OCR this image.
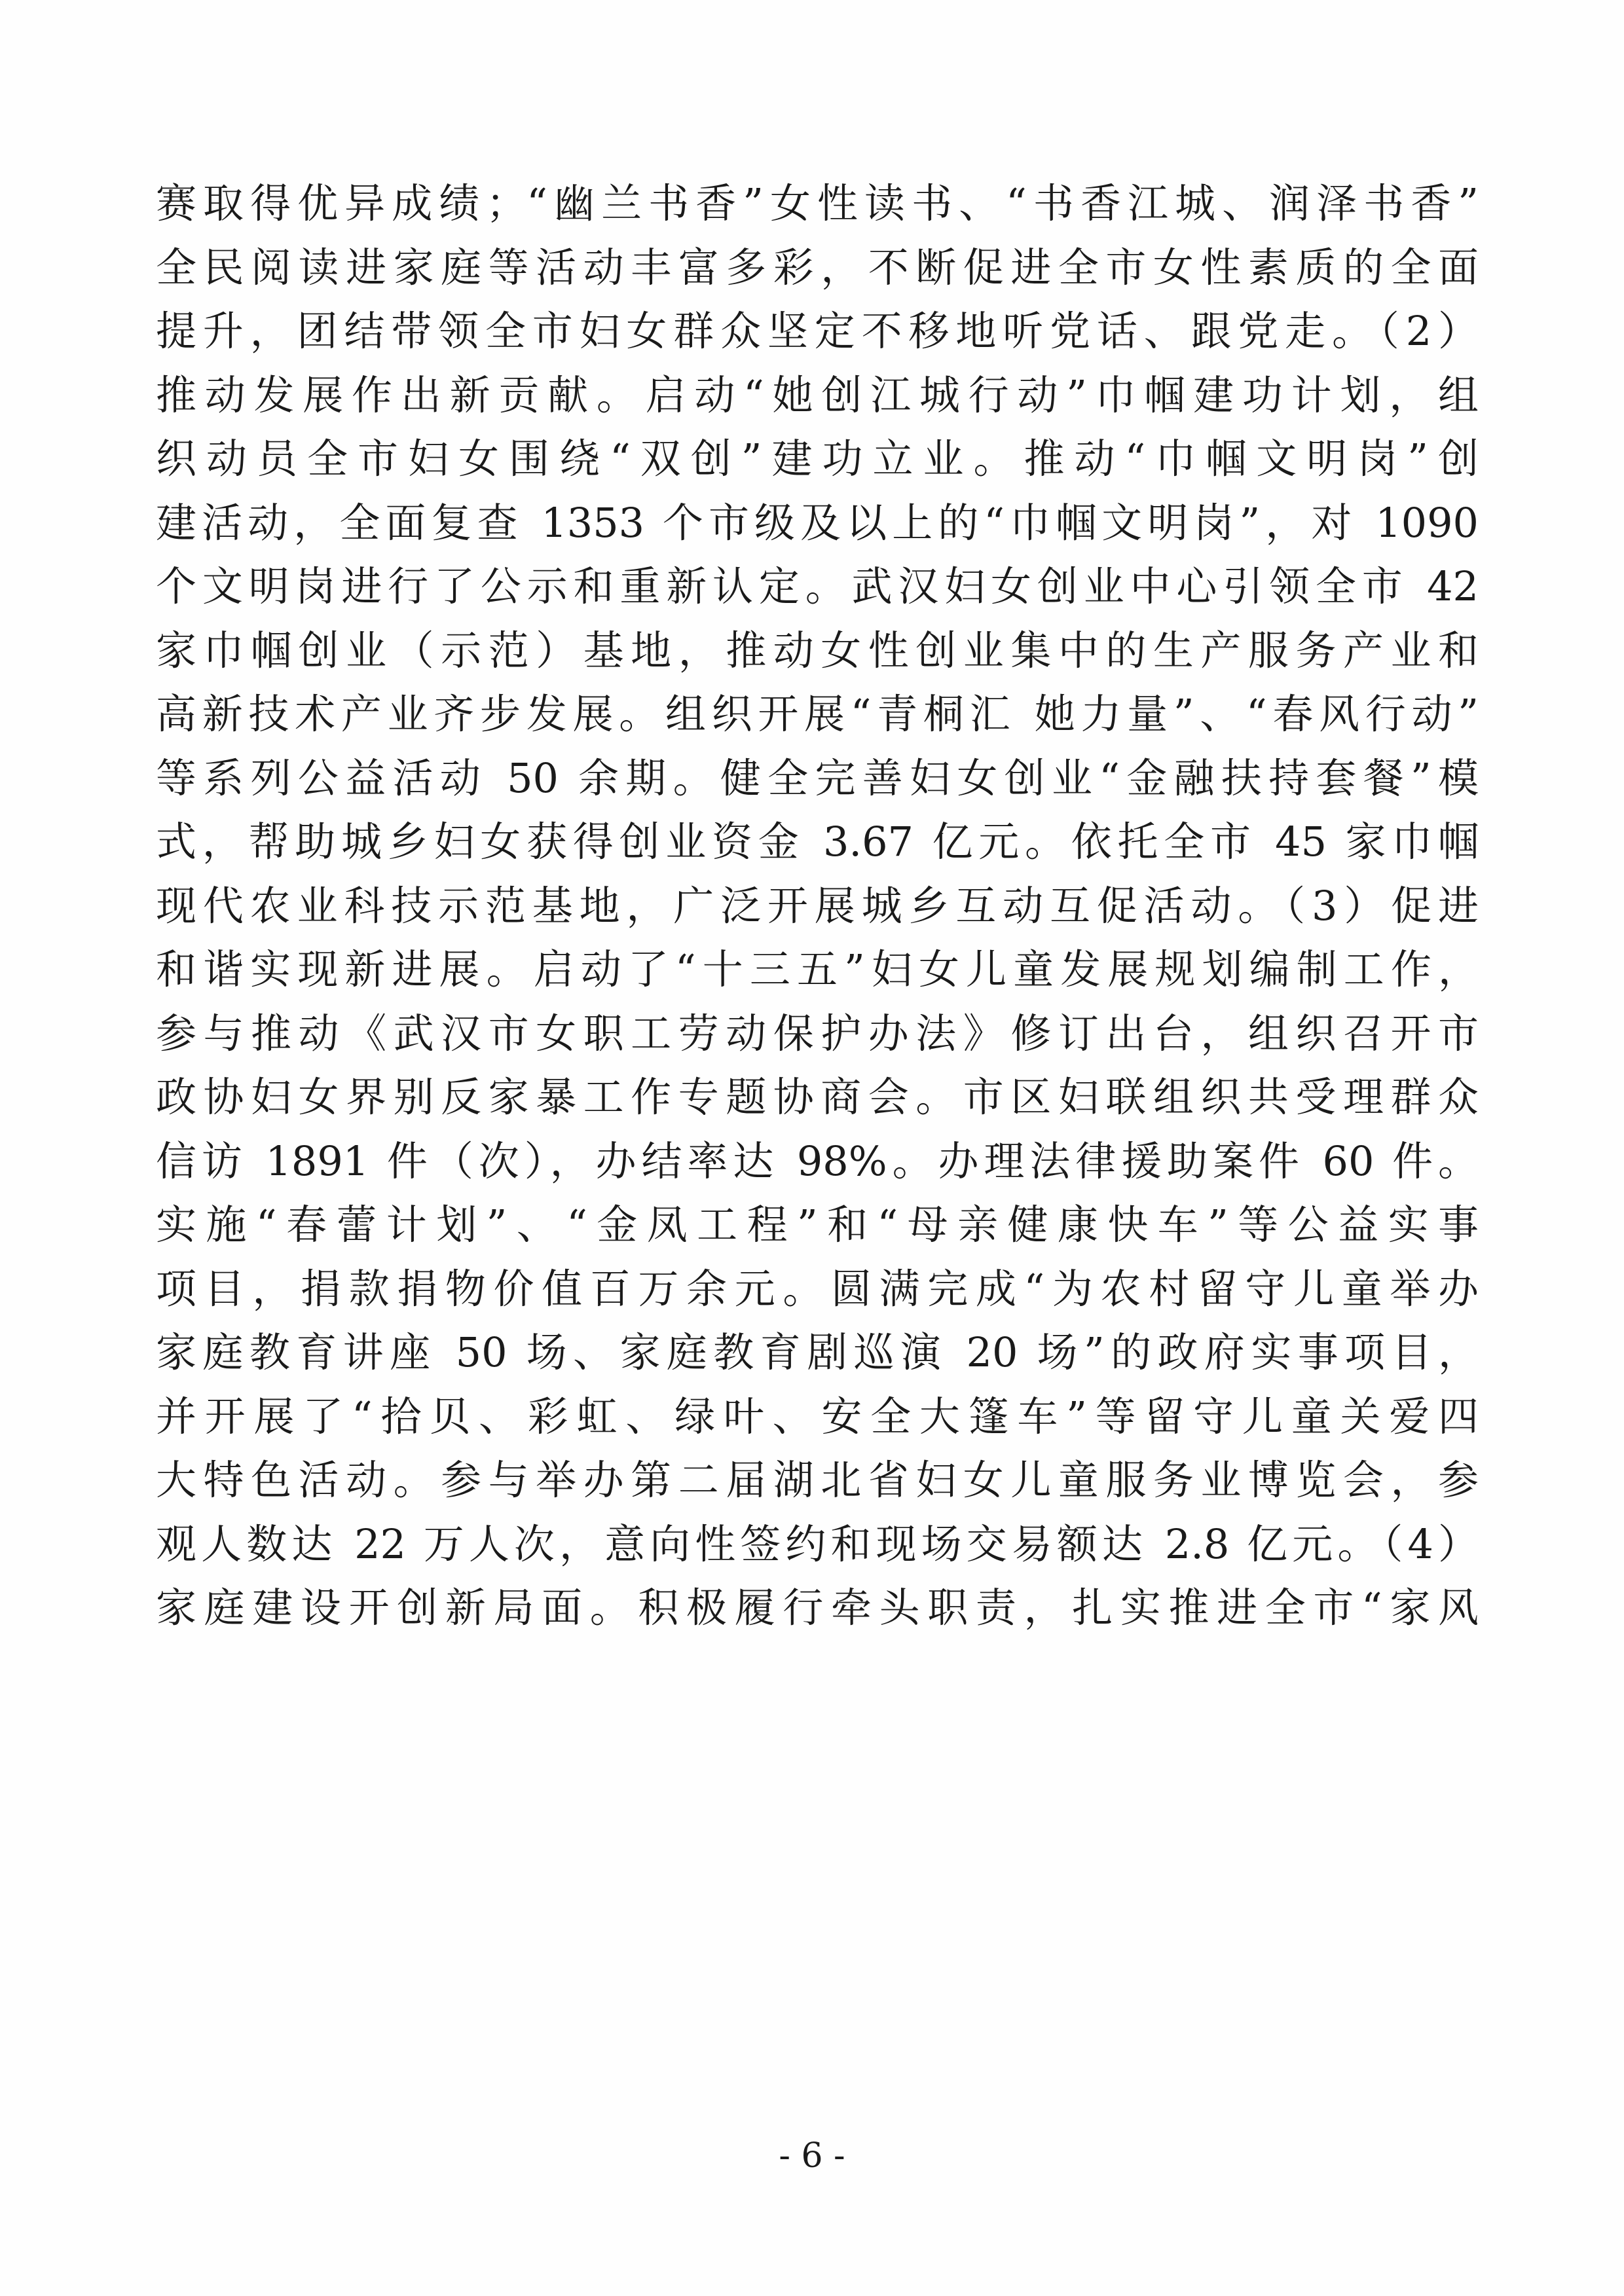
赛取得优异成绩；“幽兰书香”女性读书、“书香江城、润泽书香”
全民阅读进家庭等活动丰富多彩，不断促进全市女性素质的全面
提升，团结带领全市妇女群众坚定不移地听党话、跟党走。（2）
推动发展作出新贡献。启动“她创江城行动”巾帼建功计划，组
织动员全市妇女围绕“双创”建功立业。推动“巾帼文明岗”创
建活动，全面复查 1353 个市级及以上的“巾帼文明岗”，对 1090
个文明岗进行了公示和重新认定。武汉妇女创业中心引领全市 42
家巾帼创业（示范）基地，推动女性创业集中的生产服务产业和
高新技术产业齐步发展。组织开展“青桐汇 她力量”、“春风行动”
等系列公益活动 50 余期。健全完善妇女创业“金融扶持套餐”模
式，帮助城乡妇女获得创业资金 3.67 亿元。依托全市 45 家巾帼
现代农业科技示范基地，广泛开展城乡互动互促活动。（3）促进
和谐实现新进展。启动了“十三五”妇女儿童发展规划编制工作，
参与推动《武汉市女职工劳动保护办法》修订出台，组织召开市
政协妇女界别反家暴工作专题协商会。市区妇联组织共受理群众
信访 1891 件（次），办结率达 98%。办理法律援助案件 60 件。
实施“春蕾计划”、“金凤工程”和“母亲健康快车”等公益实事
项目，捐款捐物价值百万余元。圆满完成“为农村留守儿童举办
家庭教育讲座 50 场、家庭教育剧巡演 20 场”的政府实事项目，
并开展了“拾贝、彩虹、绿叶、安全大篷车”等留守儿童关爱四
大特色活动。参与举办第二届湖北省妇女儿童服务业博览会，参
观人数达 22 万人次，意向性签约和现场交易额达 2.8 亿元。（4）
家庭建设开创新局面。积极履行牵头职责，扎实推进全市“家风
- 6 -
